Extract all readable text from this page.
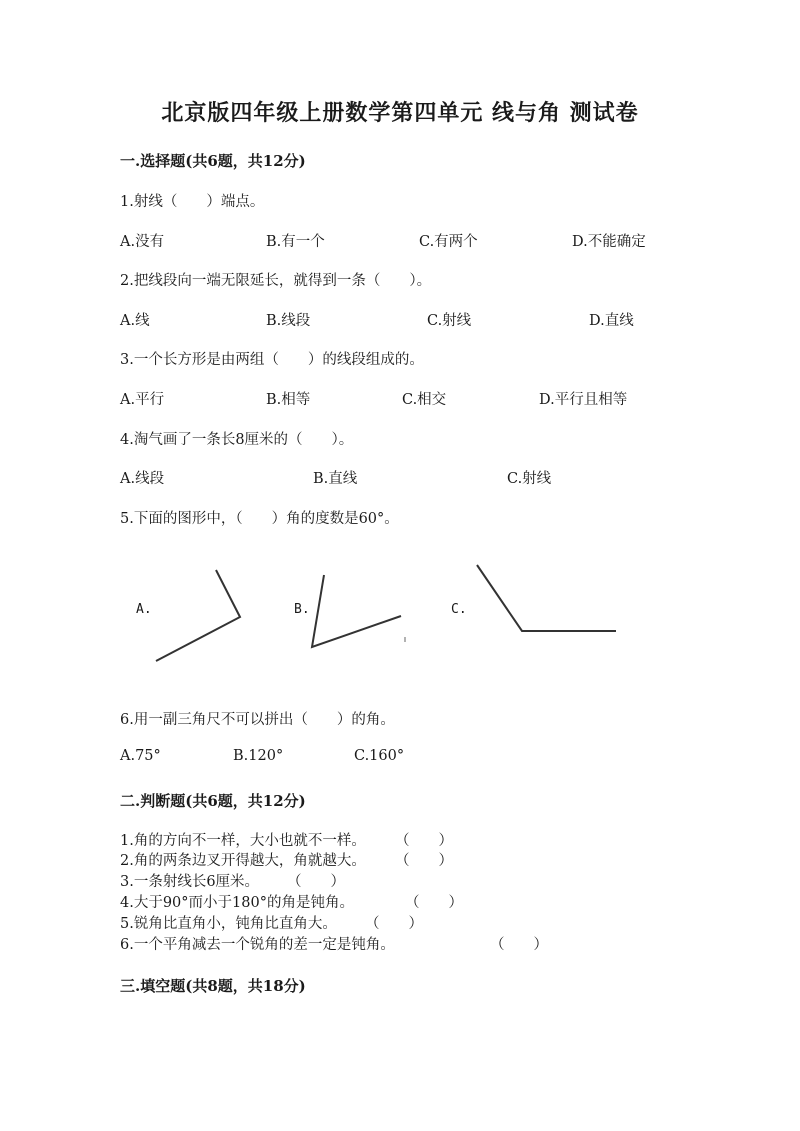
北京版四年级上册数学第四单元 线与角 测试卷
一.选择题(共6题，共12分)
1.射线（　　）端点。
A.没有	B.有一个	C.有两个	D.不能确定
2.把线段向一端无限延长，就得到一条（　　）。
A.线	B.线段	C.射线	D.直线
3.一个长方形是由两组（　　）的线段组成的。
A.平行	B.相等	C.相交	D.平行且相等
4.淘气画了一条长8厘米的（　　）。
A.线段	B.直线	C.射线
5.下面的图形中，（　　）角的度数是60°。
A.	B.	C.
6.用一副三角尺不可以拼出（　　）的角。
A.75°	B.120°	C.160°
二.判断题(共6题，共12分)
1.角的方向不一样，大小也就不一样。 （　　）
2.角的两条边叉开得越大，角就越大。 （　　）
3.一条射线长6厘米。 （　　）
4.大于90°而小于180°的角是钝角。	（　　）
5.锐角比直角小，钝角比直角大。 （　　）
6.一个平角减去一个锐角的差一定是钝角。	（　　）
三.填空题(共8题，共18分)
